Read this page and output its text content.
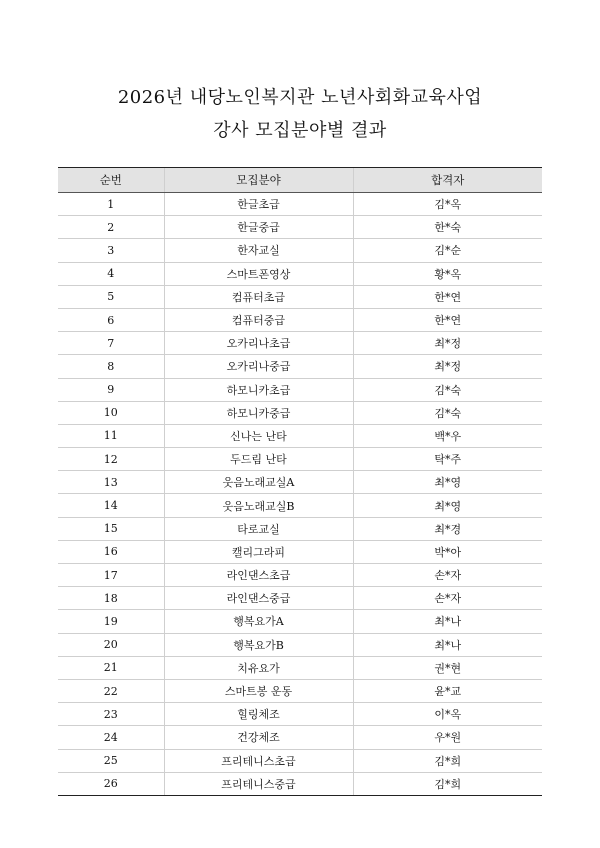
2026년 내당노인복지관 노년사회화교육사업
강사 모집분야별 결과
순번	모집분야	합격자
1	한글초급	김*옥
2	한글중급	한*숙
3	한자교실	김*순
4	스마트폰영상	황*옥
5	컴퓨터초급	한*연
6	컴퓨터중급	한*연
7	오카리나초급	최*정
8	오카리나중급	최*정
9	하모니카초급	김*숙
10	하모니카중급	김*숙
11	신나는 난타	백*우
12	두드림 난타	탁*주
13	웃음노래교실A	최*영
14	웃음노래교실B	최*영
15	타로교실	최*경
16	캘리그라피	박*아
17	라인댄스초급	손*자
18	라인댄스중급	손*자
19	행복요가A	최*나
20	행복요가B	최*나
21	치유요가	권*현
22	스마트봉 운동	윤*교
23	힐링체조	이*옥
24	건강체조	우*원
25	프리테니스초급	김*희
26	프리테니스중급	김*희
